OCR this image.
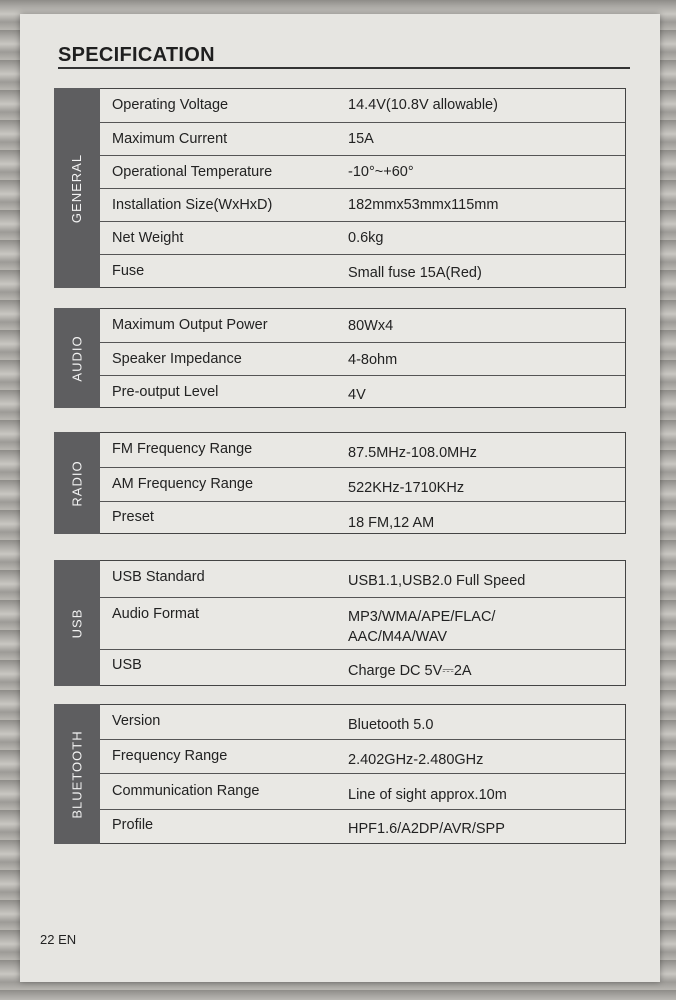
SPECIFICATION
GENERAL
Operating Voltage	14.4V(10.8V allowable)
Maximum Current	15A
Operational Temperature	-10°~+60°
Installation Size(WxHxD)	182mmx53mmx115mm
Net Weight	0.6kg
Fuse	Small fuse 15A(Red)
AUDIO
Maximum Output Power	80Wx4
Speaker Impedance	4-8ohm
Pre-output Level	4V
RADIO
FM Frequency Range	87.5MHz-108.0MHz
AM Frequency Range	522KHz-1710KHz
Preset	18 FM,12 AM
USB
USB Standard	USB1.1,USB2.0 Full Speed
Audio Format	MP3/WMA/APE/FLAC/
AAC/M4A/WAV
USB	Charge DC 5V⎓2A
BLUETOOTH
Version	Bluetooth 5.0
Frequency Range	2.402GHz-2.480GHz
Communication Range	Line of sight approx.10m
Profile	HPF1.6/A2DP/AVR/SPP
22 EN
